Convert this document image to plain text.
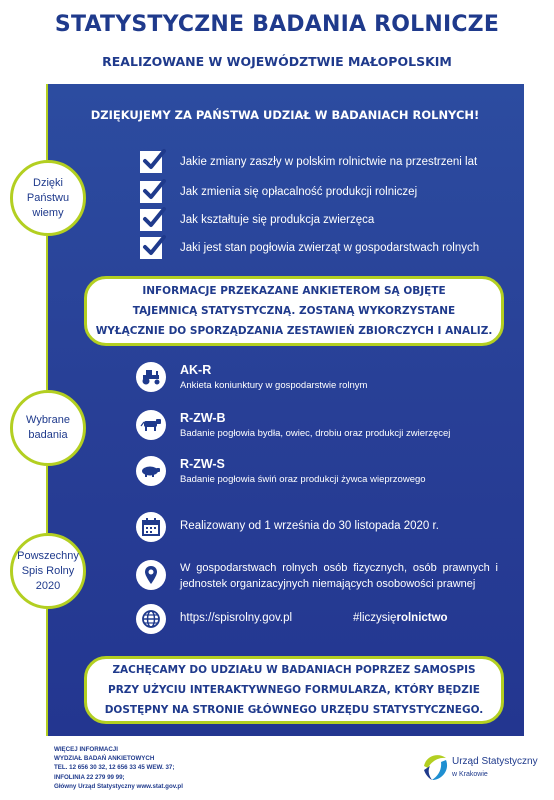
STATYSTYCZNE BADANIA ROLNICZE
REALIZOWANE W WOJEWÓDZTWIE MAŁOPOLSKIM
DZIĘKUJEMY ZA PAŃSTWA UDZIAŁ W BADANIACH ROLNYCH!
Dzięki
Państwu
wiemy
Jakie zmiany zaszły w polskim rolnictwie na przestrzeni lat
Jak zmienia się opłacalność produkcji rolniczej
Jak kształtuje się produkcja zwierzęca
Jaki jest stan pogłowia zwierząt w gospodarstwach rolnych
INFORMACJE PRZEKAZANE ANKIETEROM SĄ OBJĘTE
TAJEMNICĄ STATYSTYCZNĄ. ZOSTANĄ WYKORZYSTANE
WYŁĄCZNIE DO SPORZĄDZANIA ZESTAWIEŃ ZBIORCZYCH I ANALIZ.
Wybrane
badania
AK-R
Ankieta koniunktury w gospodarstwie rolnym
R-ZW-B
Badanie pogłowia bydła, owiec, drobiu oraz produkcji zwierzęcej
R-ZW-S
Badanie pogłowia świń oraz produkcji żywca wieprzowego
Powszechny
Spis Rolny
2020
Realizowany od 1 września do 30 listopada 2020 r.
W gospodarstwach rolnych osób fizycznych, osób prawnych i jednostek organizacyjnych niemających osobowości prawnej
https://spisrolny.gov.pl	#liczysięrolnictwo
ZACHĘCAMY DO UDZIAŁU W BADANIACH POPRZEZ SAMOSPIS
PRZY UŻYCIU INTERAKTYWNEGO FORMULARZA, KTÓRY BĘDZIE
DOSTĘPNY NA STRONIE GŁÓWNEGO URZĘDU STATYSTYCZNEGO.
WIĘCEJ INFORMACJI
WYDZIAŁ BADAŃ ANKIETOWYCH
TEL. 12 656 30 32, 12 656 33 45 WEW. 37;
INFOLINIA 22 279 99 99;
Główny Urząd Statystyczny www.stat.gov.pl
Urząd Statystyczny
w Krakowie
